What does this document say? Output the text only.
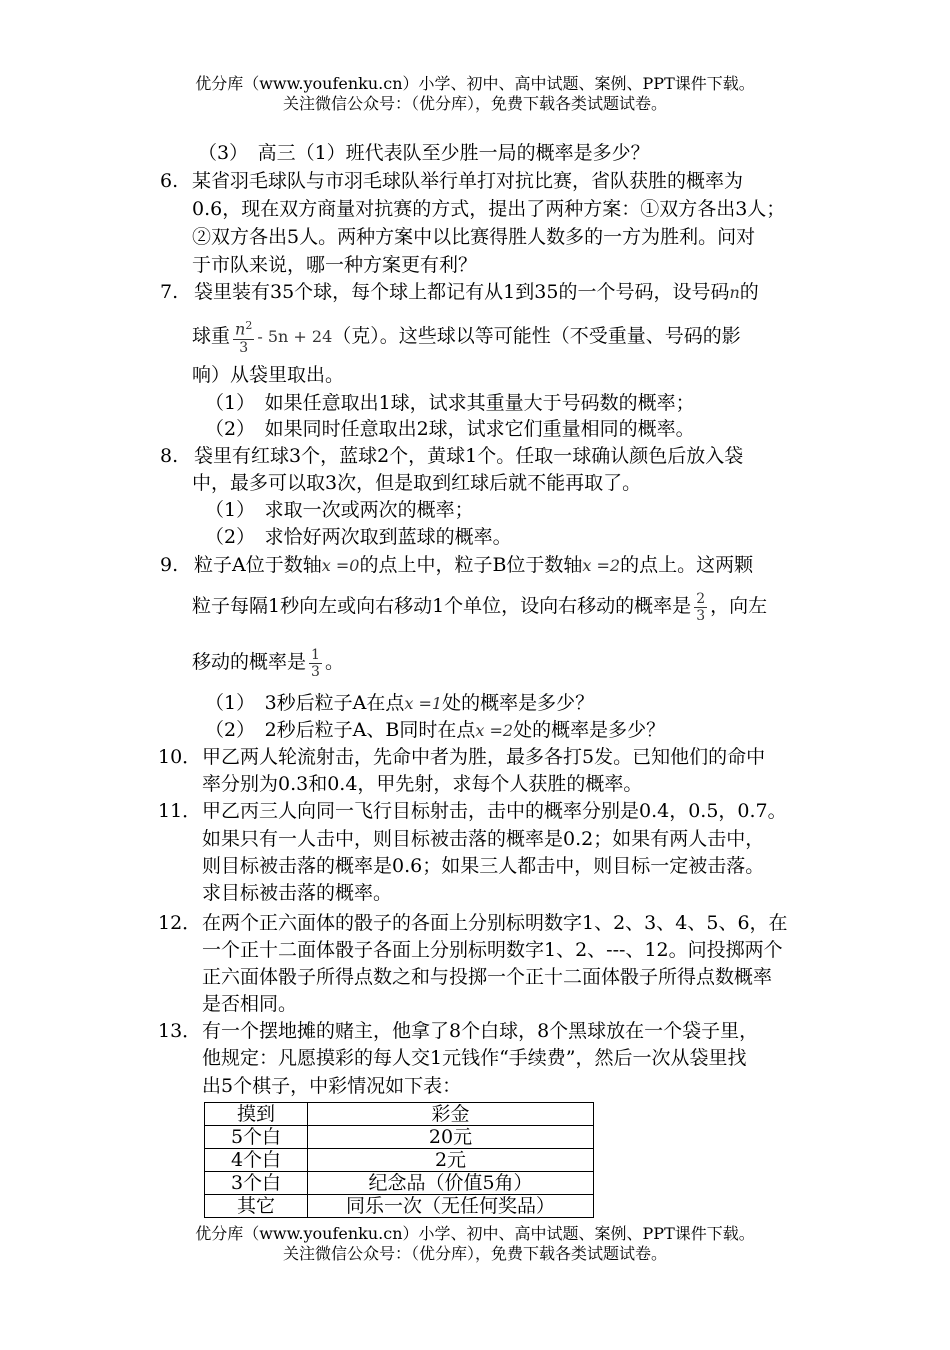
优分库（www.youfenku.cn）小学、初中、高中试题、案例、PPT课件下载。
关注微信公众号：（优分库），免费下载各类试题试卷。
（3）　高三（1）班代表队至少胜一局的概率是多少？
6. 某省羽毛球队与市羽毛球队举行单打对抗比赛，省队获胜的概率为
0.6，现在双方商量对抗赛的方式，提出了两种方案：①双方各出3人；
②双方各出5人。两种方案中以比赛得胜人数多的一方为胜利。问对
于市队来说，哪一种方案更有利？
7. 袋里装有35个球，每个球上都记有从1到35的一个号码，设号码n的
球重 $\frac{n^2}{3} - 5n + 24$（克）。这些球以等可能性（不受重量、号码的影
响）从袋里取出。
（1）　如果任意取出1球，试求其重量大于号码数的概率；
（2）　如果同时任意取出2球，试求它们重量相同的概率。
8. 袋里有红球3个，蓝球2个，黄球1个。任取一球确认颜色后放入袋
中，最多可以取3次，但是取到红球后就不能再取了。
（1）　求取一次或两次的概率；
（2）　求恰好两次取到蓝球的概率。
9. 粒子A位于数轴x =0的点上中，粒子B位于数轴x =2的点上。这两颗
粒子每隔1秒向左或向右移动1个单位，设向右移动的概率是 $\frac{2}{3}$ ，向左
移动的概率是 $\frac{1}{3}$ 。
（1）　3秒后粒子A在点x =1处的概率是多少？
（2）　2秒后粒子A、B同时在点x =2处的概率是多少？
10． 甲乙两人轮流射击，先命中者为胜，最多各打5发。已知他们的命中
率分别为0.3和0.4，甲先射，求每个人获胜的概率。
11． 甲乙丙三人向同一飞行目标射击，击中的概率分别是0.4，0.5，0.7。
如果只有一人击中，则目标被击落的概率是0.2；如果有两人击中，
则目标被击落的概率是0.6；如果三人都击中，则目标一定被击落。
求目标被击落的概率。
12． 在两个正六面体的骰子的各面上分别标明数字1、2、3、4、5、6，在
一个正十二面体骰子各面上分别标明数字1、2、---、12。问投掷两个
正六面体骰子所得点数之和与投掷一个正十二面体骰子所得点数概率
是否相同。
13． 有一个摆地摊的赌主，他拿了8个白球，8个黑球放在一个袋子里，
他规定：凡愿摸彩的每人交1元钱作“手续费”，然后一次从袋里找
出5个棋子，中彩情况如下表：
摸到	彩金
5个白	20元
4个白	2元
3个白	纪念品（价值5角）
其它	同乐一次（无任何奖品）
优分库（www.youfenku.cn）小学、初中、高中试题、案例、PPT课件下载。
关注微信公众号：（优分库），免费下载各类试题试卷。
